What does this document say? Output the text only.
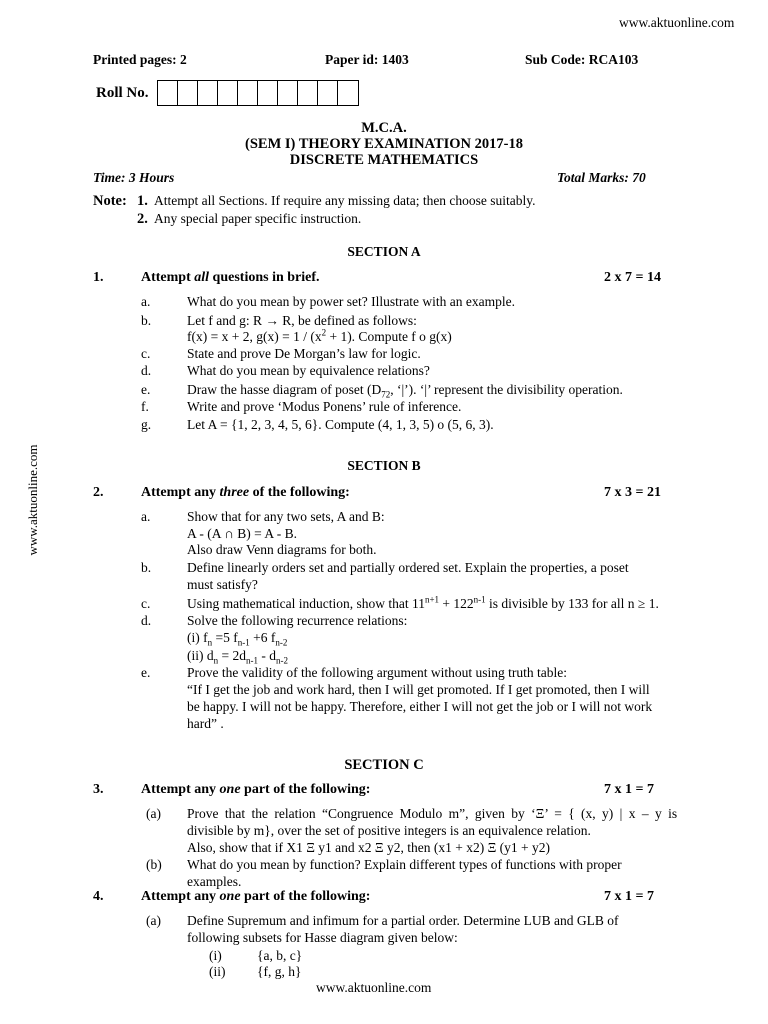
www.aktuonline.com
www.aktuonline.com
Printed pages: 2	Paper id: 1403	Sub Code: RCA103
Roll No.
M.C.A.
(SEM I) THEORY EXAMINATION 2017-18
DISCRETE MATHEMATICS
Time: 3 Hours	Total Marks: 70
Note: 1. Attempt all Sections. If require any missing data; then choose suitably.
2. Any special paper specific instruction.
SECTION A
1.	Attempt all questions in brief.	2 x 7 = 14
a.	What do you mean by power set? Illustrate with an example.
b.	Let f and g: R → R, be defined as follows:
f(x) = x + 2, $g(x) = 1 / (x^2 + 1)$. Compute f o g(x)
c.	State and prove De Morgan’s law for logic.
d.	What do you mean by equivalence relations?
e.	Draw the hasse diagram of poset ($D_{72}$, ‘|’). ‘|’ represent the divisibility operation.
f.	Write and prove ‘Modus Ponens’ rule of inference.
g.	Let A = {1, 2, 3, 4, 5, 6}. Compute (4, 1, 3, 5) o (5, 6, 3).
SECTION B
2.	Attempt any three of the following:	7 x 3 = 21
a.	Show that for any two sets, A and B:
A - (A ∩ B) = A - B.
Also draw Venn diagrams for both.
b.	Define linearly orders set and partially ordered set. Explain the properties, a poset
must satisfy?
c.	Using mathematical induction, show that $11^{n+1} + 122^{n-1}$ is divisible by 133 for all n ≥ 1.
d.	Solve the following recurrence relations:
(i) $f_n =5$ $f_{n-1} +6$ $f_{n-2}$
(ii) $d_n = 2d_{n-1} - d_{n-2}$
e.	Prove the validity of the following argument without using truth table:
“If I get the job and work hard, then I will get promoted. If I get promoted, then I will
be happy. I will not be happy. Therefore, either I will not get the job or I will not work
hard” .
SECTION C
3.	Attempt any one part of the following:	7 x 1 = 7
(a) Prove that the relation “Congruence Modulo m”, given by ‘Ξ’ = { (x, y) | x – y is
divisible by m}, over the set of positive integers is an equivalence relation.
Also, show that if X1 Ξ y1 and x2 Ξ y2, then (x1 + x2) Ξ (y1 + y2)
(b) What do you mean by function? Explain different types of functions with proper
examples.
4.	Attempt any one part of the following:	7 x 1 = 7
(a) Define Supremum and infimum for a partial order. Determine LUB and GLB of
following subsets for Hasse diagram given below:
(i)	{a, b, c}
(ii) {f, g, h}
www.aktuonline.com
